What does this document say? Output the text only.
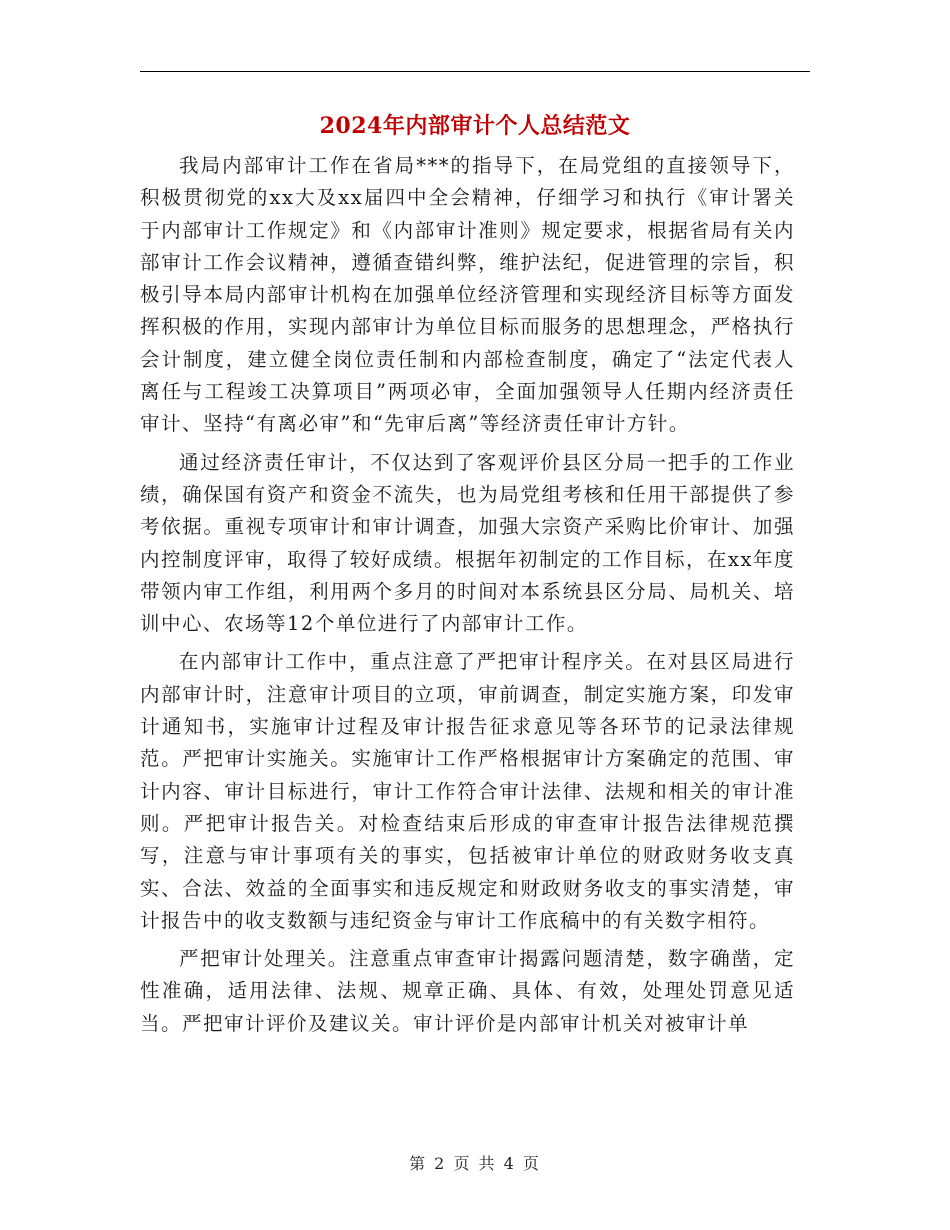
2024年内部审计个人总结范文

我局内部审计工作在省局***的指导下，在局党组的直接领导下，积极贯彻党的xx大及xx届四中全会精神，仔细学习和执行《审计署关于内部审计工作规定》和《内部审计准则》规定要求，根据省局有关内部审计工作会议精神，遵循查错纠弊，维护法纪，促进管理的宗旨，积极引导本局内部审计机构在加强单位经济管理和实现经济目标等方面发挥积极的作用，实现内部审计为单位目标而服务的思想理念，严格执行会计制度，建立健全岗位责任制和内部检查制度，确定了“法定代表人离任与工程竣工决算项目”两项必审，全面加强领导人任期内经济责任审计、坚持“有离必审”和“先审后离”等经济责任审计方针。

通过经济责任审计，不仅达到了客观评价县区分局一把手的工作业绩，确保国有资产和资金不流失，也为局党组考核和任用干部提供了参考依据。重视专项审计和审计调查，加强大宗资产采购比价审计、加强内控制度评审，取得了较好成绩。根据年初制定的工作目标，在xx年度带领内审工作组，利用两个多月的时间对本系统县区分局、局机关、培训中心、农场等12个单位进行了内部审计工作。

在内部审计工作中，重点注意了严把审计程序关。在对县区局进行内部审计时，注意审计项目的立项，审前调查，制定实施方案，印发审计通知书，实施审计过程及审计报告征求意见等各环节的记录法律规范。严把审计实施关。实施审计工作严格根据审计方案确定的范围、审计内容、审计目标进行，审计工作符合审计法律、法规和相关的审计准则。严把审计报告关。对检查结束后形成的审查审计报告法律规范撰写，注意与审计事项有关的事实，包括被审计单位的财政财务收支真实、合法、效益的全面事实和违反规定和财政财务收支的事实清楚，审计报告中的收支数额与违纪资金与审计工作底稿中的有关数字相符。

严把审计处理关。注意重点审查审计揭露问题清楚，数字确凿，定性准确，适用法律、法规、规章正确、具体、有效，处理处罚意见适当。严把审计评价及建议关。审计评价是内部审计机关对被审计单

第 2 页 共 4 页
